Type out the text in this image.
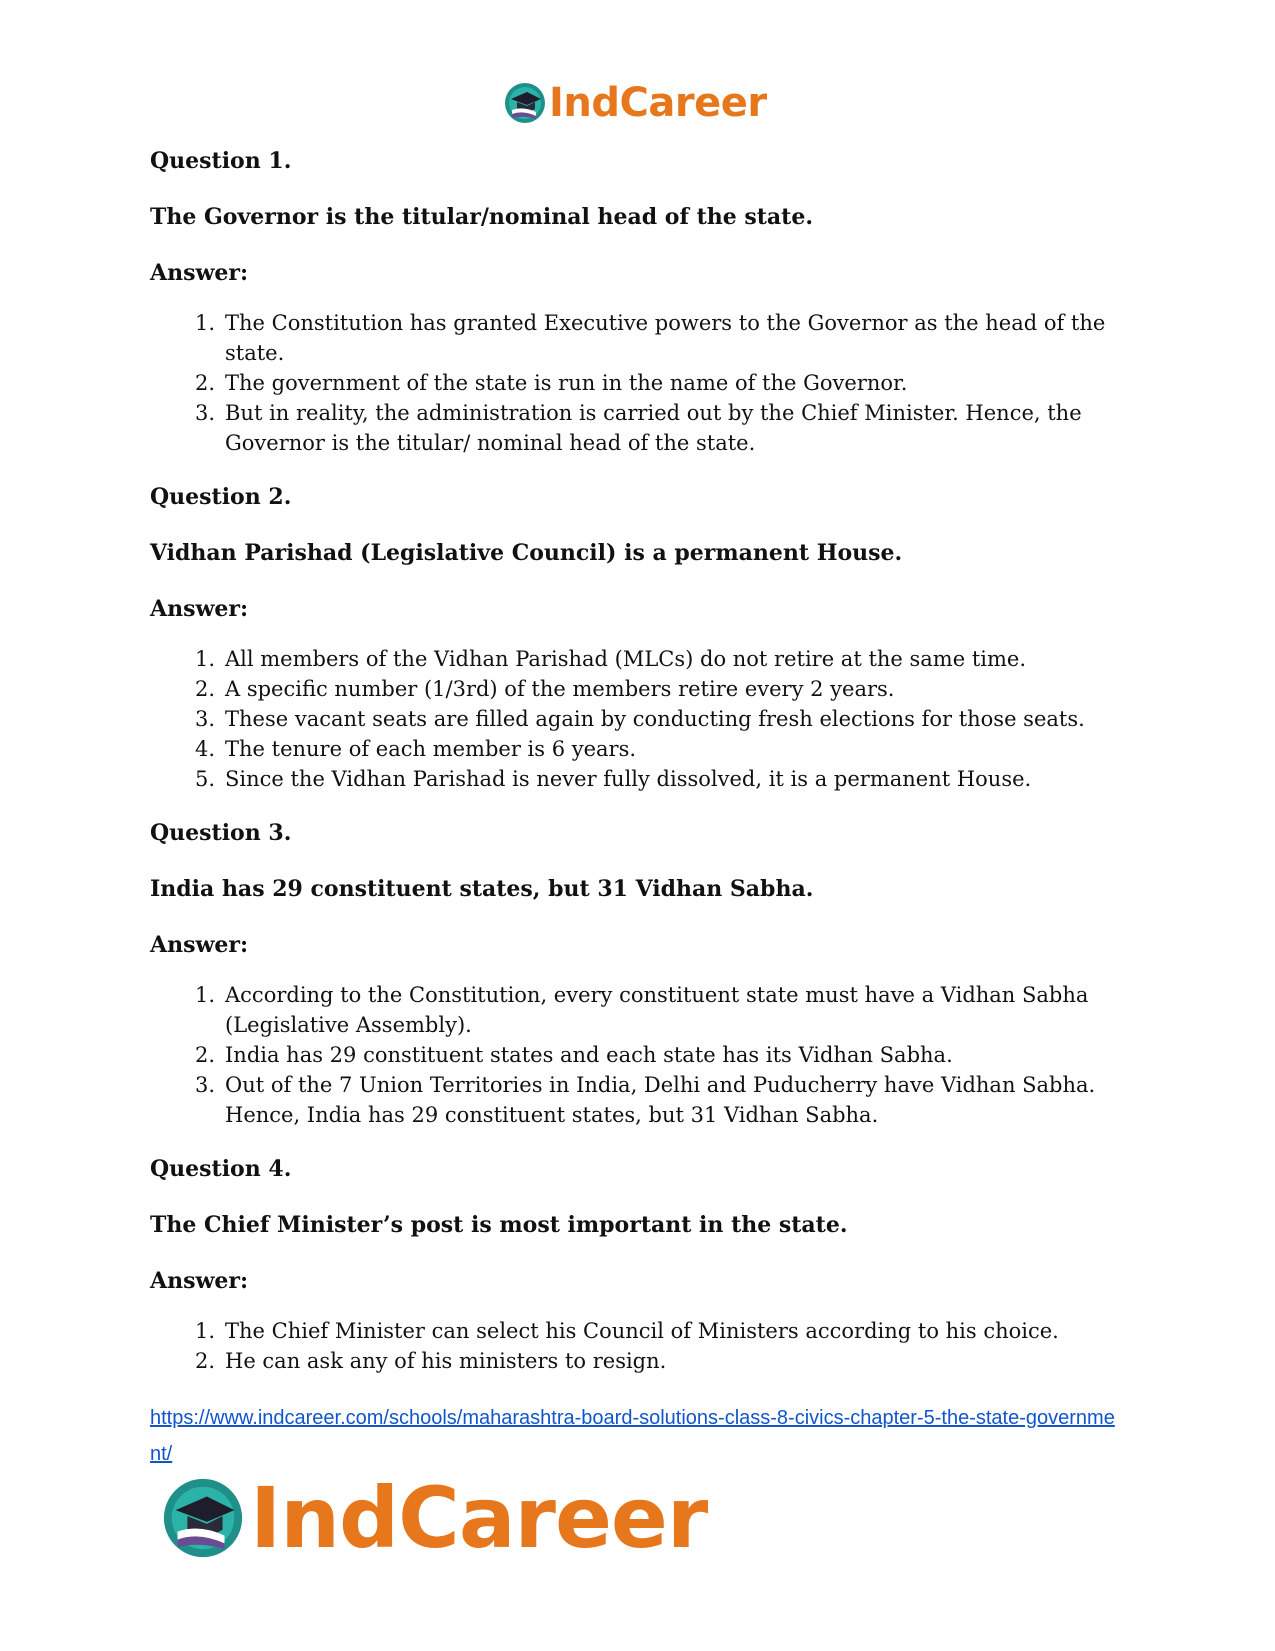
IndCareer

Question 1.

The Governor is the titular/nominal head of the state.

Answer:

1. The Constitution has granted Executive powers to the Governor as the head of the state.
2. The government of the state is run in the name of the Governor.
3. But in reality, the administration is carried out by the Chief Minister. Hence, the Governor is the titular/ nominal head of the state.

Question 2.

Vidhan Parishad (Legislative Council) is a permanent House.

Answer:

1. All members of the Vidhan Parishad (MLCs) do not retire at the same time.
2. A specific number (1/3rd) of the members retire every 2 years.
3. These vacant seats are filled again by conducting fresh elections for those seats.
4. The tenure of each member is 6 years.
5. Since the Vidhan Parishad is never fully dissolved, it is a permanent House.

Question 3.

India has 29 constituent states, but 31 Vidhan Sabha.

Answer:

1. According to the Constitution, every constituent state must have a Vidhan Sabha (Legislative Assembly).
2. India has 29 constituent states and each state has its Vidhan Sabha.
3. Out of the 7 Union Territories in India, Delhi and Puducherry have Vidhan Sabha. Hence, India has 29 constituent states, but 31 Vidhan Sabha.

Question 4.

The Chief Minister’s post is most important in the state.

Answer:

1. The Chief Minister can select his Council of Ministers according to his choice.
2. He can ask any of his ministers to resign.
https://www.indcareer.com/schools/maharashtra-board-solutions-class-8-civics-chapter-5-the-state-government/
IndCareer
